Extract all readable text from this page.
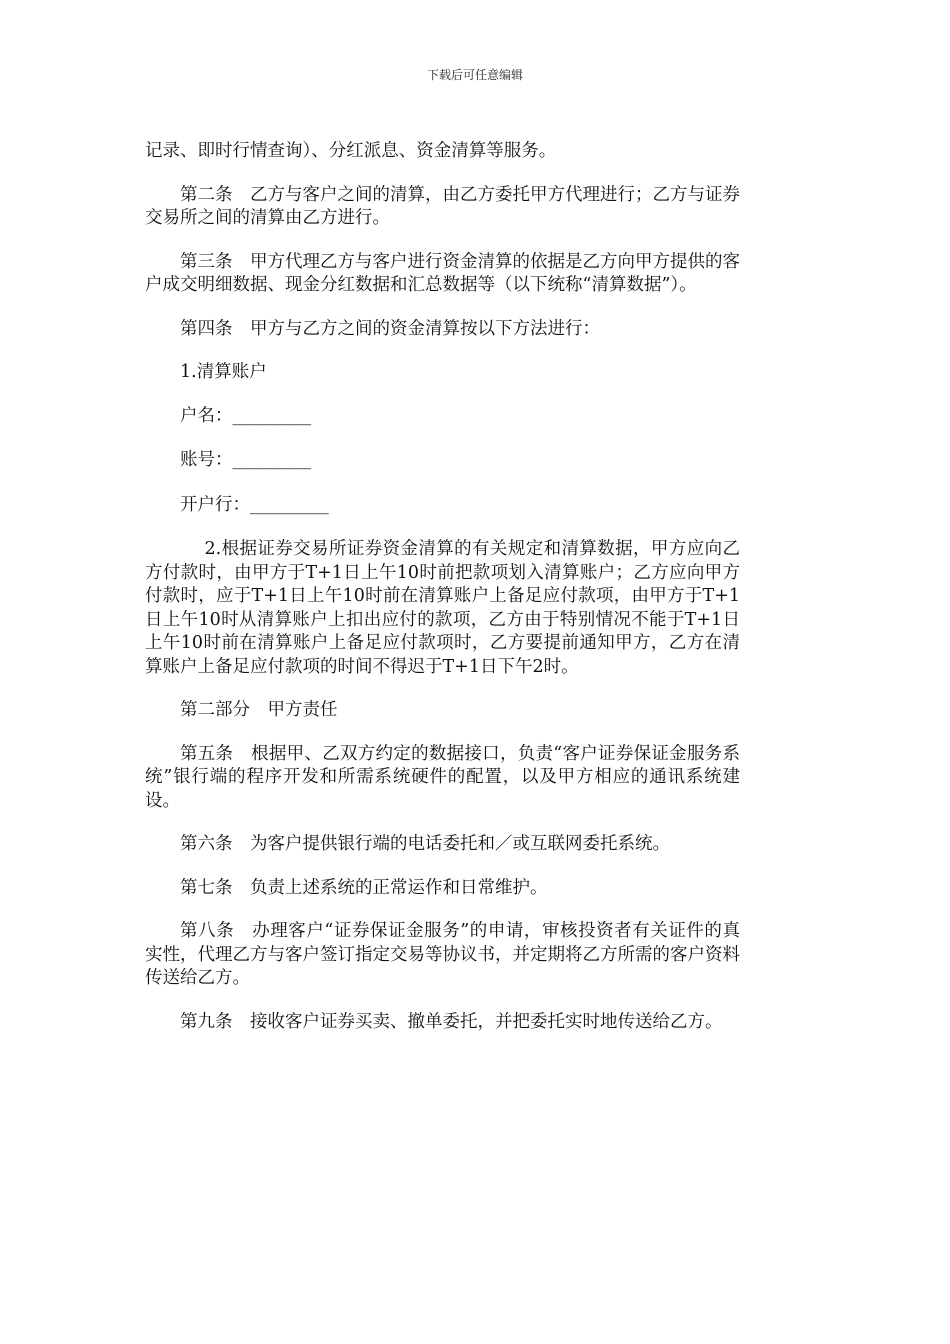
下载后可任意编辑

记录、即时行情查询）、分红派息、资金清算等服务。

第二条　乙方与客户之间的清算，由乙方委托甲方代理进行；乙方与证券交易所之间的清算由乙方进行。

第三条　甲方代理乙方与客户进行资金清算的依据是乙方向甲方提供的客户成交明细数据、现金分红数据和汇总数据等（以下统称“清算数据”）。

第四条　甲方与乙方之间的资金清算按以下方法进行：

1.清算账户

户名：_________

账号：_________

开户行：_________

2.根据证券交易所证券资金清算的有关规定和清算数据，甲方应向乙方付款时，由甲方于T+1日上午10时前把款项划入清算账户；乙方应向甲方付款时，应于T+1日上午10时前在清算账户上备足应付款项，由甲方于T+1日上午10时从清算账户上扣出应付的款项，乙方由于特别情况不能于T+1日上午10时前在清算账户上备足应付款项时，乙方要提前通知甲方，乙方在清算账户上备足应付款项的时间不得迟于T+1日下午2时。

第二部分　甲方责任

第五条　根据甲、乙双方约定的数据接口，负责“客户证券保证金服务系统”银行端的程序开发和所需系统硬件的配置，以及甲方相应的通讯系统建设。

第六条　为客户提供银行端的电话委托和／或互联网委托系统。

第七条　负责上述系统的正常运作和日常维护。

第八条　办理客户“证券保证金服务”的申请，审核投资者有关证件的真实性，代理乙方与客户签订指定交易等协议书，并定期将乙方所需的客户资料传送给乙方。

第九条　接收客户证券买卖、撤单委托，并把委托实时地传送给乙方。
